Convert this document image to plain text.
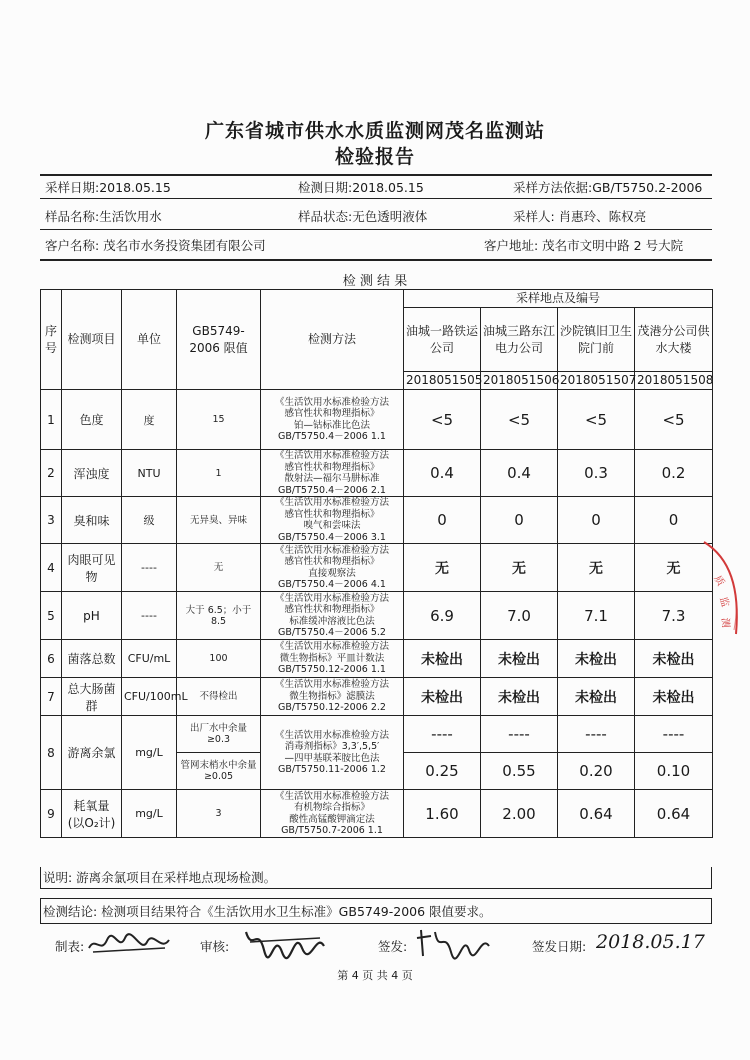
广东省城市供水水质监测网茂名监测站
检验报告
采样日期:2018.05.15	检测日期:2018.05.15	采样方法依据:GB/T5750.2-2006
样品名称:生活饮用水	样品状态:无色透明液体	采样人: 肖惠玲、陈权亮
客户名称: 茂名市水务投资集团有限公司	客户地址: 茂名市文明中路 2 号大院
检 测 结 果
序号	检测项目	单位	GB5749-2006 限值	检测方法	采样地点及编号			
					油城一路铁运公司	油城三路东江电力公司	沙院镇旧卫生院门前	茂港分公司供水大楼
					2018051505	2018051506	2018051507	2018051508
1	色度	度	15	《生活饮用水标准检验方法
感官性状和物理指标》
铂—钴标准比色法
GB/T5750.4－2006 1.1	<5	<5	<5	<5
2	浑浊度	NTU	1	《生活饮用水标准检验方法
感官性状和物理指标》
散射法—福尔马肼标准
GB/T5750.4－2006 2.1	0.4	0.4	0.3	0.2
3	臭和味	级	无异臭、异味	《生活饮用水标准检验方法
感官性状和物理指标》
嗅气和尝味法
GB/T5750.4－2006 3.1	0	0	0	0
4	肉眼可见物	----	无	《生活饮用水标准检验方法
感官性状和物理指标》
直接观察法
GB/T5750.4－2006 4.1	无	无	无	无
5	pH	----	大于 6.5；小于 8.5	《生活饮用水标准检验方法
感官性状和物理指标》
标准缓冲溶液比色法
GB/T5750.4－2006 5.2	6.9	7.0	7.1	7.3
6	菌落总数	CFU/mL	100	《生活饮用水标准检验方法
微生物指标》平皿计数法
GB/T5750.12-2006 1.1	未检出	未检出	未检出	未检出
7	总大肠菌群	CFU/100mL	不得检出	《生活饮用水标准检验方法
微生物指标》滤膜法
GB/T5750.12-2006 2.2	未检出	未检出	未检出	未检出
8	游离余氯	mg/L	出厂水中余量≥0.3	《生活饮用水标准检验方法
消毒剂指标》3,3′,5,5′
—四甲基联苯胺比色法
GB/T5750.11-2006 1.2	----	----	----	----
			管网末梢水中余量≥0.05		0.25	0.55	0.20	0.10
9	耗氧量 (以O₂计)	mg/L	3	《生活饮用水标准检验方法
有机物综合指标》
酸性高锰酸钾滴定法
GB/T5750.7-2006 1.1	1.60	2.00	0.64	0.64
说明: 游离余氯项目在采样地点现场检测。
检测结论: 检测项目结果符合《生活饮用水卫生标准》GB5749-2006 限值要求。
制表:	审核:	签发:	签发日期: 2018.05.17
第 4 页 共 4 页
质
监
测
